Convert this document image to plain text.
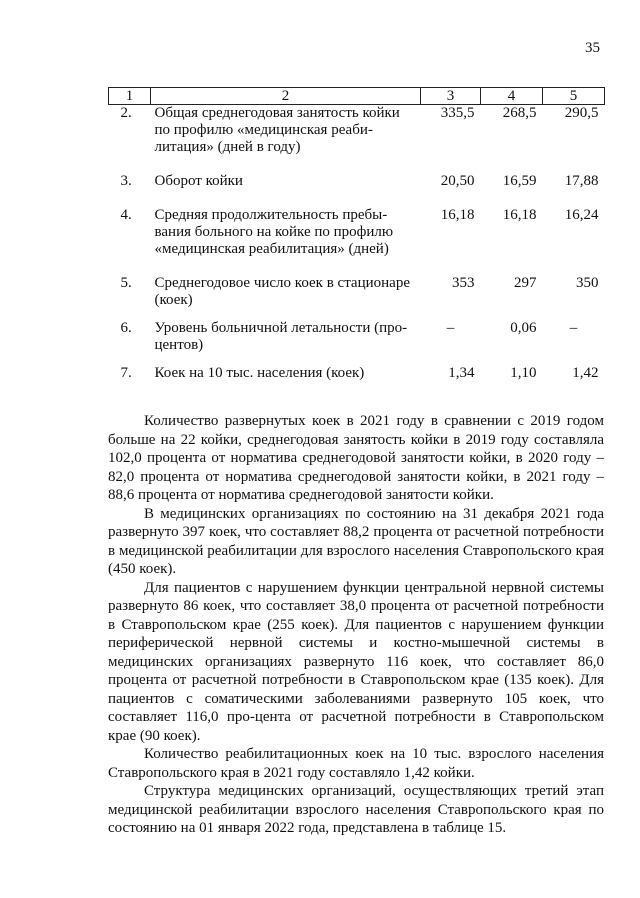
35
1	2	3	4	5
2.	Общая среднегодовая занятость койки по профилю «медицинская реаби-литация» (дней в году)	335,5	268,5	290,5
3.	Оборот койки	20,50	16,59	17,88
4.	Средняя продолжительность пребы-вания больного на койке по профилю «медицинская реабилитация» (дней)	16,18	16,18	16,24
5.	Среднегодовое число коек в стационаре (коек)	353	297	350
6.	Уровень больничной летальности (про-центов)	–	0,06	–
7.	Коек на 10 тыс. населения (коек)	1,34	1,10	1,42

Количество развернутых коек в 2021 году в сравнении с 2019 годом больше на 22 койки, среднегодовая занятость койки в 2019 году составляла 102,0 процента от норматива среднегодовой занятости койки, в 2020 году – 82,0 процента от норматива среднегодовой занятости койки, в 2021 году – 88,6 процента от норматива среднегодовой занятости койки.

В медицинских организациях по состоянию на 31 декабря 2021 года развернуто 397 коек, что составляет 88,2 процента от расчетной потребности в медицинской реабилитации для взрослого населения Ставропольского края (450 коек).

Для пациентов с нарушением функции центральной нервной системы развернуто 86 коек, что составляет 38,0 процента от расчетной потребности в Ставропольском крае (255 коек). Для пациентов с нарушением функции периферической нервной системы и костно-мышечной системы в медицинских организациях развернуто 116 коек, что составляет 86,0 процента от расчетной потребности в Ставропольском крае (135 коек). Для пациентов с соматическими заболеваниями развернуто 105 коек, что составляет 116,0 про-цента от расчетной потребности в Ставропольском крае (90 коек).

Количество реабилитационных коек на 10 тыс. взрослого населения Ставропольского края в 2021 году составляло 1,42 койки.

Структура медицинских организаций, осуществляющих третий этап медицинской реабилитации взрослого населения Ставропольского края по состоянию на 01 января 2022 года, представлена в таблице 15.
